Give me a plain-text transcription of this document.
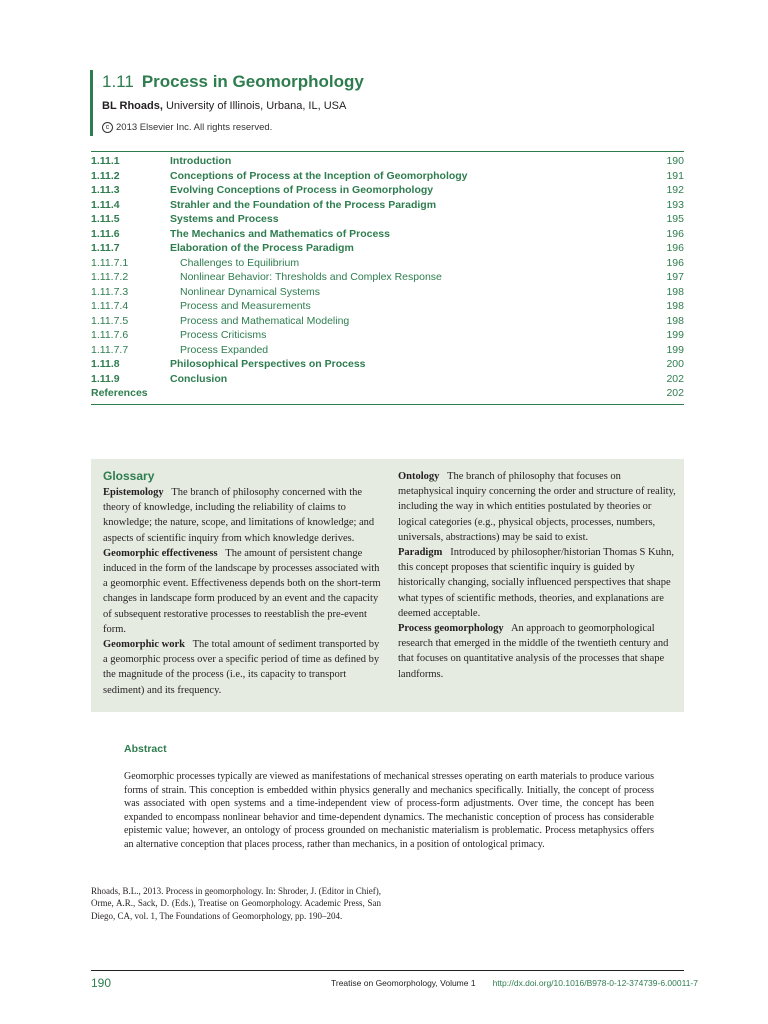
1.11 Process in Geomorphology
BL Rhoads, University of Illinois, Urbana, IL, USA
c 2013 Elsevier Inc. All rights reserved.
1.11.1	Introduction	190
1.11.2	Conceptions of Process at the Inception of Geomorphology	191
1.11.3	Evolving Conceptions of Process in Geomorphology	192
1.11.4	Strahler and the Foundation of the Process Paradigm	193
1.11.5	Systems and Process	195
1.11.6	The Mechanics and Mathematics of Process	196
1.11.7	Elaboration of the Process Paradigm	196
1.11.7.1	Challenges to Equilibrium	196
1.11.7.2	Nonlinear Behavior: Thresholds and Complex Response	197
1.11.7.3	Nonlinear Dynamical Systems	198
1.11.7.4	Process and Measurements	198
1.11.7.5	Process and Mathematical Modeling	198
1.11.7.6	Process Criticisms	199
1.11.7.7	Process Expanded	199
1.11.8	Philosophical Perspectives on Process	200
1.11.9	Conclusion	202
References	202
Glossary

Epistemology The branch of philosophy concerned with the theory of knowledge, including the reliability of claims to knowledge; the nature, scope, and limitations of knowledge; and aspects of scientific inquiry from which knowledge derives.

Geomorphic effectiveness The amount of persistent change induced in the form of the landscape by processes associated with a geomorphic event. Effectiveness depends both on the short-term changes in landscape form produced by an event and the capacity of subsequent restorative processes to reestablish the pre-event form.

Geomorphic work The total amount of sediment transported by a geomorphic process over a specific period of time as defined by the magnitude of the process (i.e., its capacity to transport sediment) and its frequency.

Ontology The branch of philosophy that focuses on metaphysical inquiry concerning the order and structure of reality, including the way in which entities postulated by theories or logical categories (e.g., physical objects, processes, numbers, universals, abstractions) may be said to exist.

Paradigm Introduced by philosopher/historian Thomas S Kuhn, this concept proposes that scientific inquiry is guided by historically changing, socially influenced perspectives that shape what types of scientific methods, theories, and explanations are deemed acceptable.

Process geomorphology An approach to geomorphological research that emerged in the middle of the twentieth century and that focuses on quantitative analysis of the processes that shape landforms.

Abstract
Geomorphic processes typically are viewed as manifestations of mechanical stresses operating on earth materials to produce various forms of strain. This conception is embedded within physics generally and mechanics specifically. Initially, the concept of process was associated with open systems and a time-independent view of process-form adjustments. Over time, the concept has been expanded to encompass nonlinear behavior and time-dependent dynamics. The mechanistic conception of process has considerable epistemic value; however, an ontology of process grounded on mechanistic materialism is problematic. Process metaphysics offers an alternative conception that places process, rather than mechanics, in a position of ontological primacy.
Rhoads, B.L., 2013. Process in geomorphology. In: Shroder, J. (Editor in Chief), Orme, A.R., Sack, D. (Eds.), Treatise on Geomorphology. Academic Press, San Diego, CA, vol. 1, The Foundations of Geomorphology, pp. 190–204.
190	Treatise on Geomorphology, Volume 1 http://dx.doi.org/10.1016/B978-0-12-374739-6.00011-7
